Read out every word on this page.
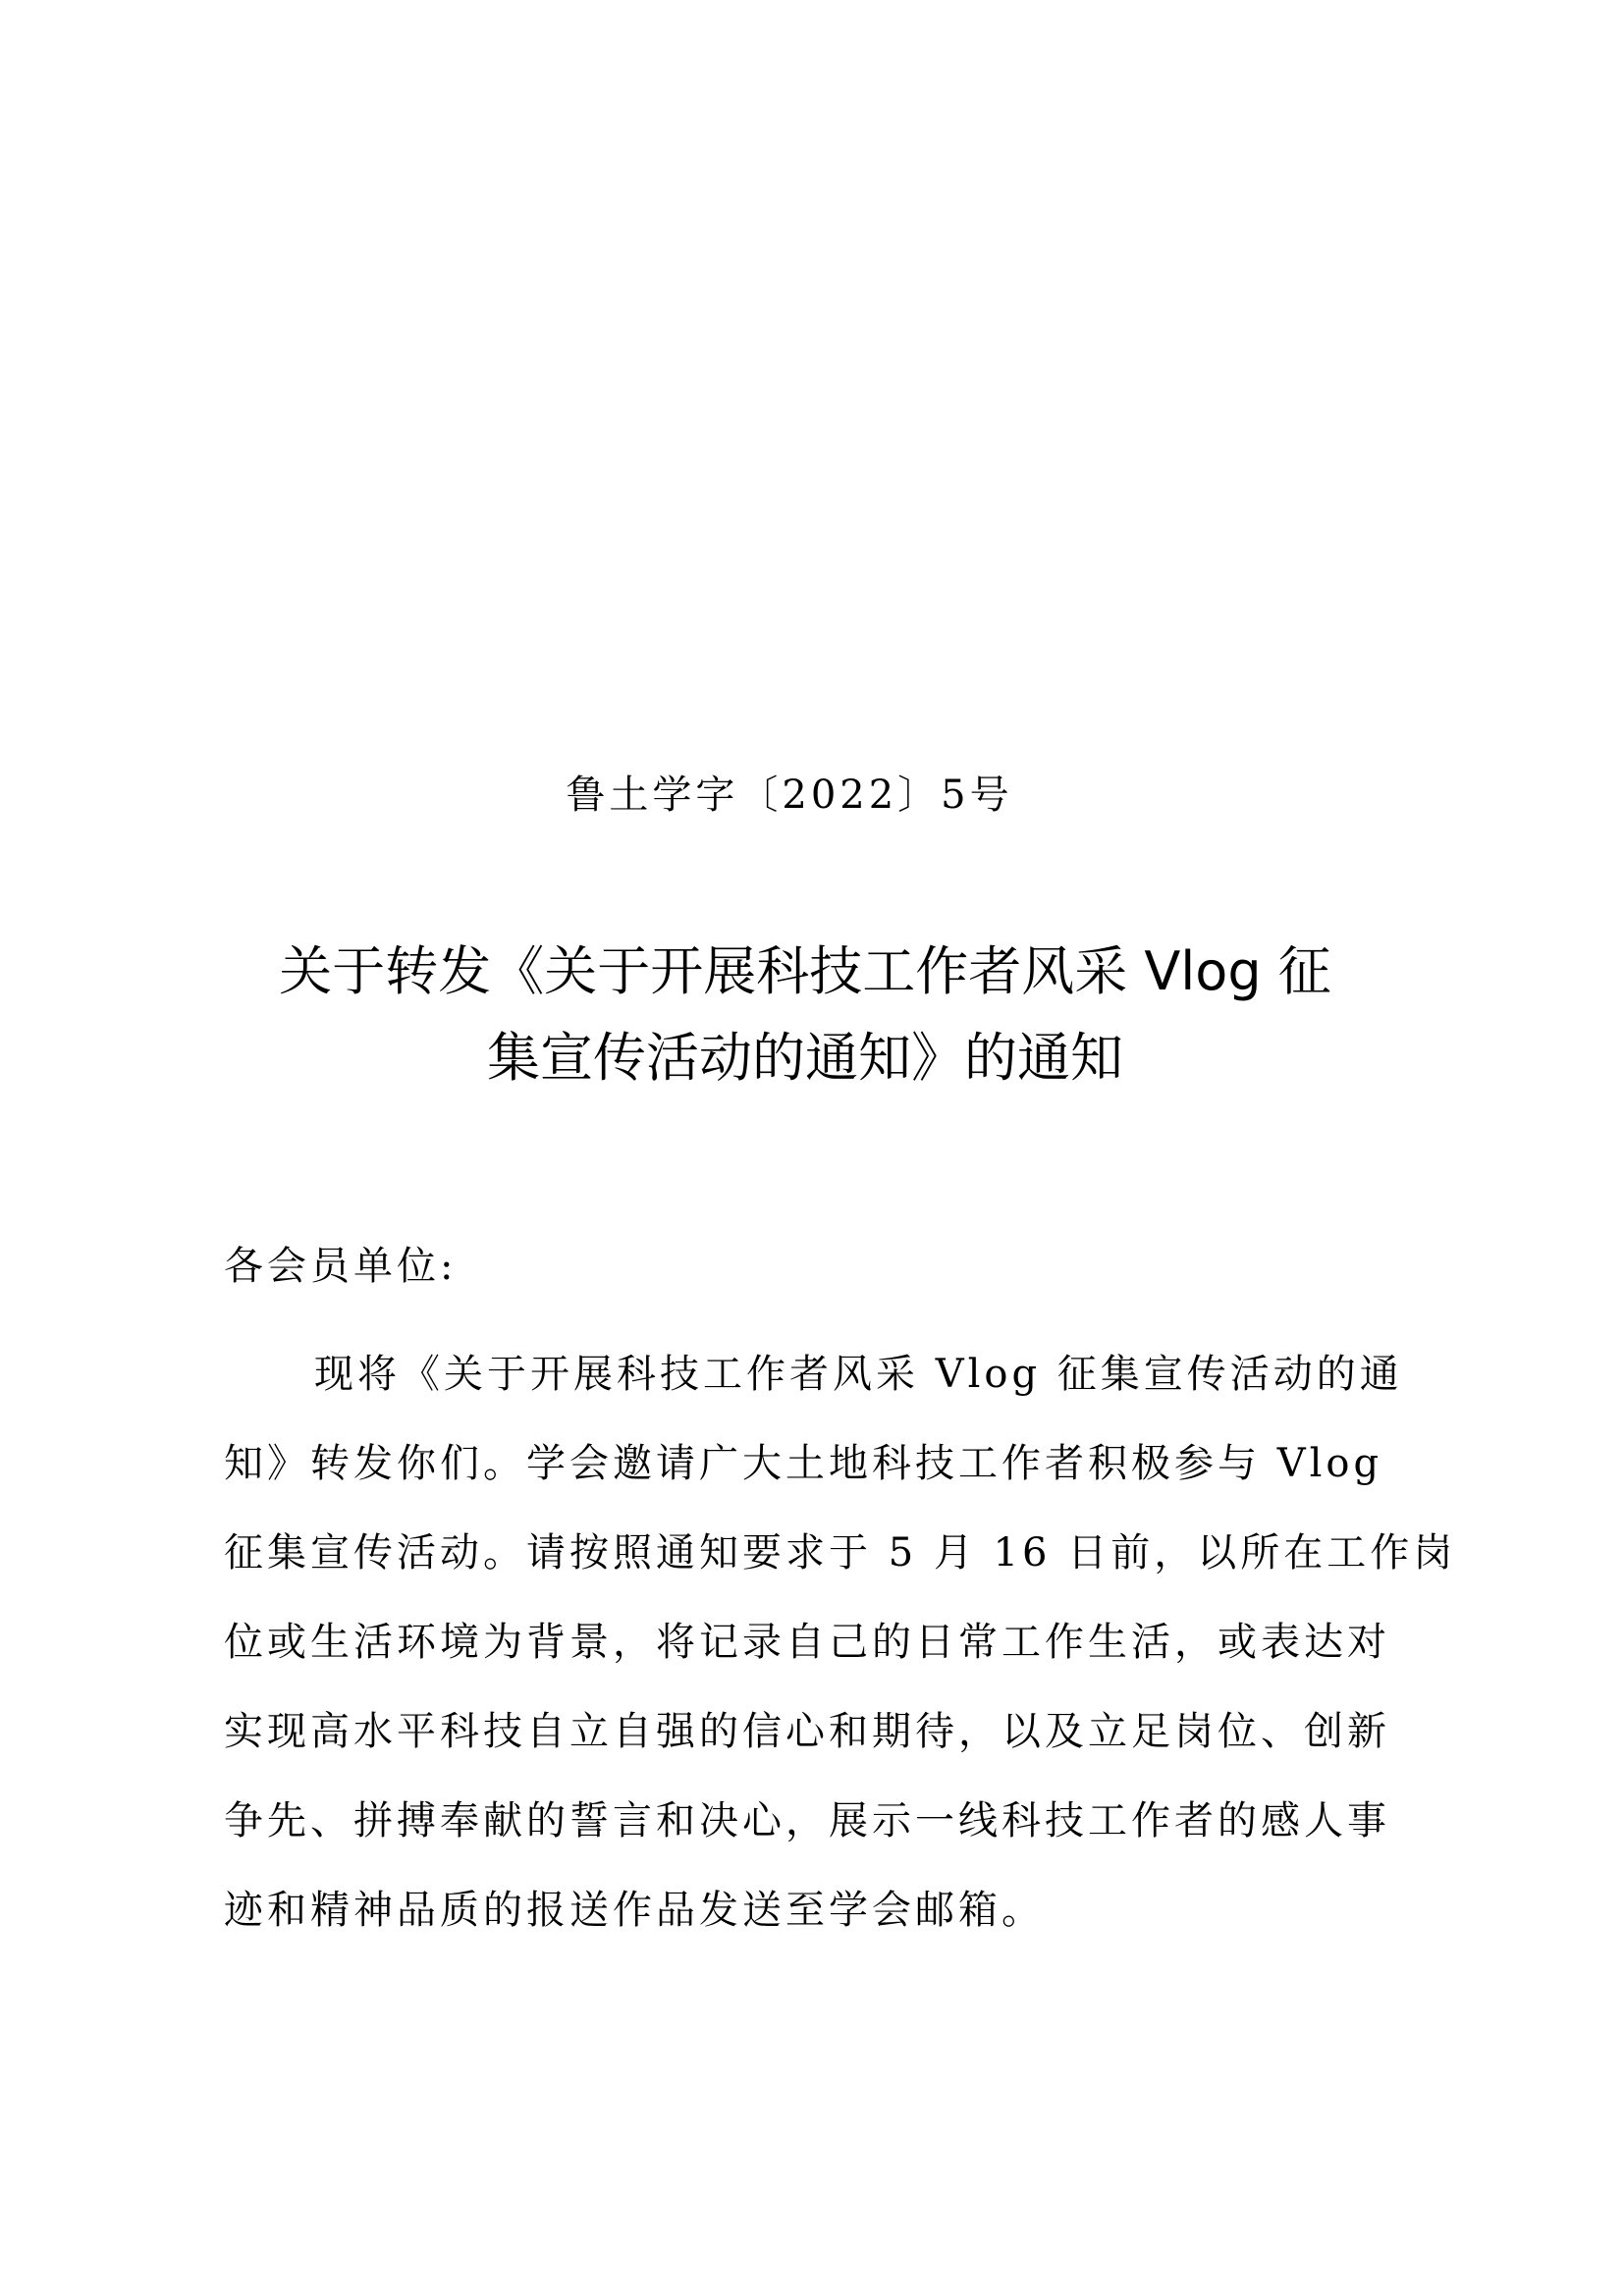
鲁土学字〔2022〕5号
关于转发《关于开展科技工作者风采 Vlog 征
集宣传活动的通知》的通知
各会员单位:
现将《关于开展科技工作者风采 Vlog 征集宣传活动的通
知》转发你们。学会邀请广大土地科技工作者积极参与 Vlog
征集宣传活动。请按照通知要求于 5 月 16 日前，以所在工作岗
位或生活环境为背景，将记录自己的日常工作生活，或表达对
实现高水平科技自立自强的信心和期待，以及立足岗位、创新
争先、拼搏奉献的誓言和决心，展示一线科技工作者的感人事
迹和精神品质的报送作品发送至学会邮箱。
